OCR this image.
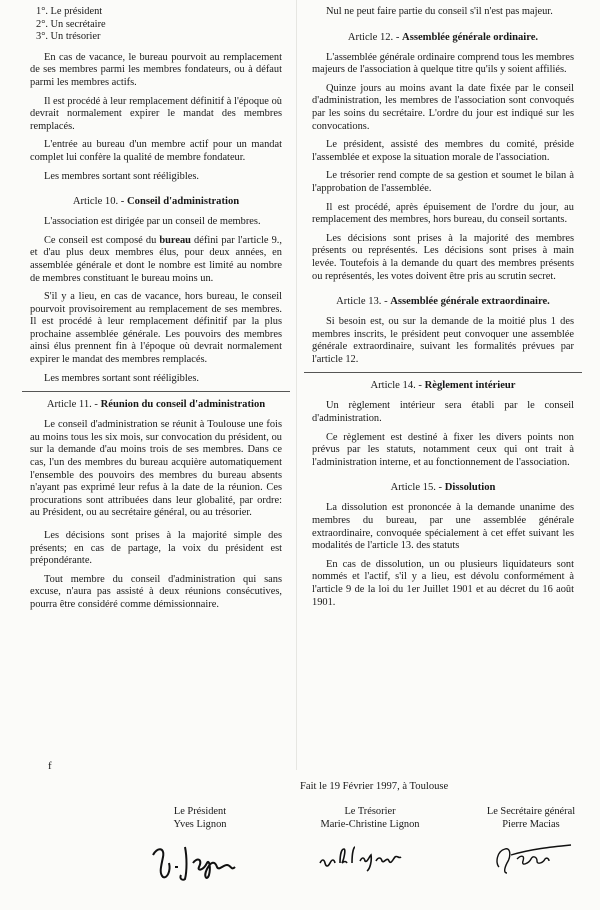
1°. Le président
2°. Un secrétaire
3°. Un trésorier

En cas de vacance, le bureau pourvoit au remplacement de ses membres parmi les membres fondateurs, ou à défaut parmi les membres actifs.

Il est procédé à leur remplacement définitif à l'époque où devrait normalement expirer le mandat des membres remplacés.

L'entrée au bureau d'un membre actif pour un mandat complet lui confère la qualité de membre fondateur.

Les membres sortant sont rééligibles.

Article 10. - Conseil d'administration

L'association est dirigée par un conseil de membres.

Ce conseil est composé du bureau défini par l'article 9., et d'au plus deux membres élus, pour deux années, en assemblée générale et dont le nombre est limité au nombre de membres constituant le bureau moins un.

S'il y a lieu, en cas de vacance, hors bureau, le conseil pourvoit provisoirement au remplacement de ses membres. Il est procédé à leur remplacement définitif par la plus prochaine assemblée générale. Les pouvoirs des membres ainsi élus prennent fin à l'époque où devrait normalement expirer le mandat des membres remplacés.

Les membres sortant sont rééligibles.

Article 11. - Réunion du conseil d'administration

Le conseil d'administration se réunit à Toulouse une fois au moins tous les six mois, sur convocation du président, ou sur la demande d'au moins trois de ses membres. Dans ce cas, l'un des membres du bureau acquière automatiquement l'ensemble des pouvoirs des membres du bureau absents n'ayant pas exprimé leur refus à la date de la réunion. Ces procurations sont attribuées dans leur globalité, par ordre: au Président, ou au secrétaire général, ou au trésorier.

Les décisions sont prises à la majorité simple des présents; en cas de partage, la voix du président est prépondérante.

Tout membre du conseil d'administration qui sans excuse, n'aura pas assisté à deux réunions consécutives, pourra être considéré comme démissionnaire.

Nul ne peut faire partie du conseil s'il n'est pas majeur.

Article 12. - Assemblée générale ordinaire.

L'assemblée générale ordinaire comprend tous les membres majeurs de l'association à quelque titre qu'ils y soient affiliés.

Quinze jours au moins avant la date fixée par le conseil d'administration, les membres de l'association sont convoqués par les soins du secrétaire. L'ordre du jour est indiqué sur les convocations.

Le président, assisté des membres du comité, préside l'assemblée et expose la situation morale de l'association.

Le trésorier rend compte de sa gestion et soumet le bilan à l'approbation de l'assemblée.

Il est procédé, après épuisement de l'ordre du jour, au remplacement des membres, hors bureau, du conseil sortants.

Les décisions sont prises à la majorité des membres présents ou représentés. Les décisions sont prises à main levée. Toutefois à la demande du quart des membres présents ou représentés, les votes doivent être pris au scrutin secret.

Article 13. - Assemblée générale extraordinaire.

Si besoin est, ou sur la demande de la moitié plus 1 des membres inscrits, le président peut convoquer une assemblée générale extraordinaire, suivant les formalités prévues par l'article 12.

Article 14. - Règlement intérieur

Un règlement intérieur sera établi par le conseil d'administration.

Ce règlement est destiné à fixer les divers points non prévus par les statuts, notamment ceux qui ont trait à l'administration interne, et au fonctionnement de l'association.

Article 15. - Dissolution

La dissolution est prononcée à la demande unanime des membres du bureau, par une assemblée générale extraordinaire, convoquée spécialement à cet effet suivant les modalités de l'article 13. des statuts

En cas de dissolution, un ou plusieurs liquidateurs sont nommés et l'actif, s'il y a lieu, est dévolu conformément à l'article 9 de la loi du 1er Juillet 1901 et au décret du 16 août 1901.

f
Fait le 19 Février 1997, à Toulouse
Le Président
Yves Lignon
Le Trésorier
Marie-Christine Lignon
Le Secrétaire général
Pierre Macias
